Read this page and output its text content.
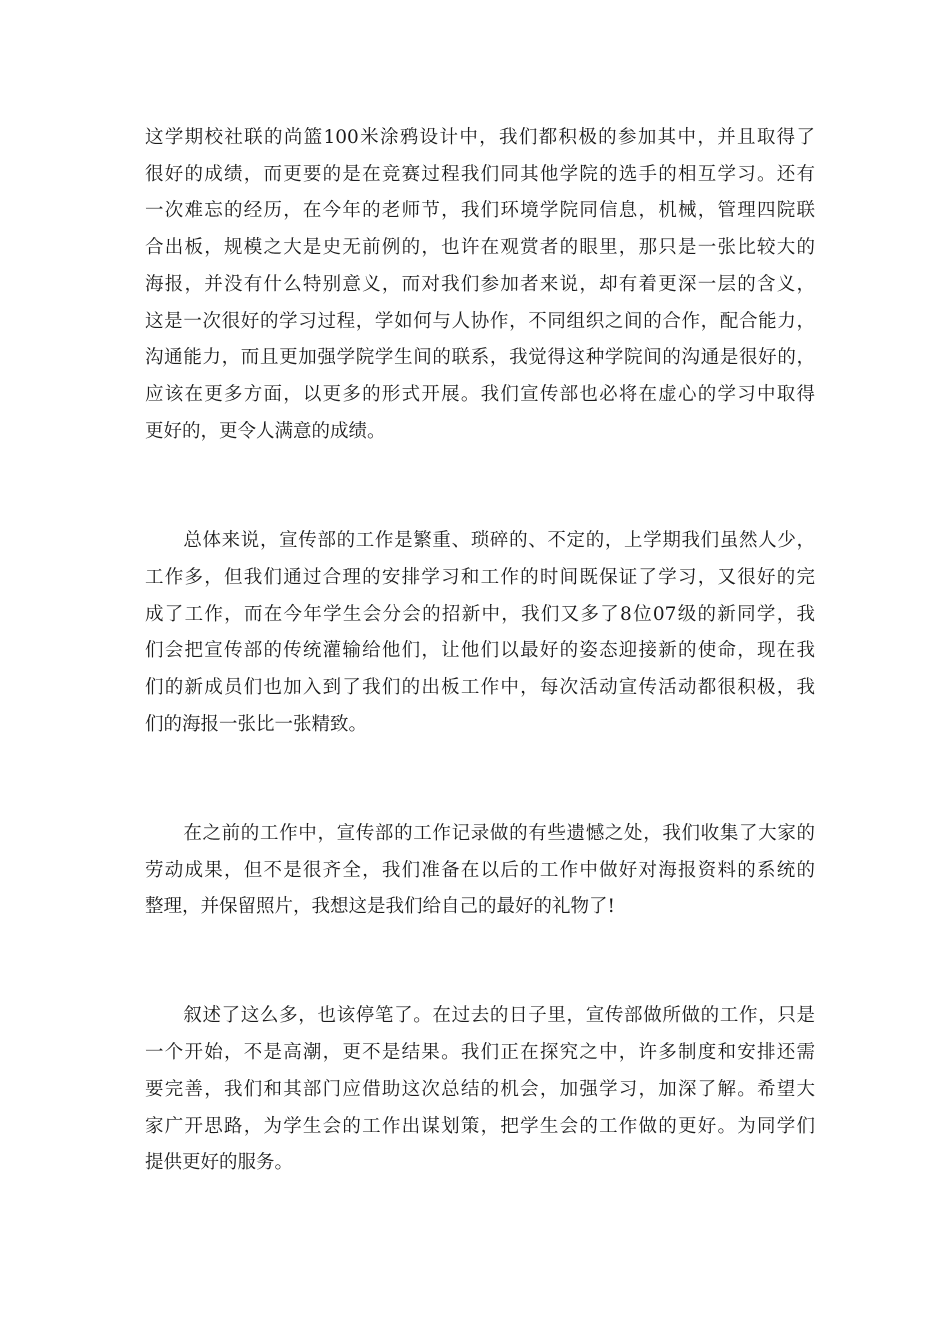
这学期校社联的尚篮100米涂鸦设计中，我们都积极的参加其中，并且取得了
很好的成绩，而更要的是在竞赛过程我们同其他学院的选手的相互学习。还有
一次难忘的经历，在今年的老师节，我们环境学院同信息，机械，管理四院联
合出板，规模之大是史无前例的，也许在观赏者的眼里，那只是一张比较大的
海报，并没有什么特别意义，而对我们参加者来说，却有着更深一层的含义，
这是一次很好的学习过程，学如何与人协作，不同组织之间的合作，配合能力，
沟通能力，而且更加强学院学生间的联系，我觉得这种学院间的沟通是很好的，
应该在更多方面，以更多的形式开展。我们宣传部也必将在虚心的学习中取得
更好的，更令人满意的成绩。
　　总体来说，宣传部的工作是繁重、琐碎的、不定的，上学期我们虽然人少，
工作多，但我们通过合理的安排学习和工作的时间既保证了学习，又很好的完
成了工作，而在今年学生会分会的招新中，我们又多了8位07级的新同学，我
们会把宣传部的传统灌输给他们，让他们以最好的姿态迎接新的使命，现在我
们的新成员们也加入到了我们的出板工作中，每次活动宣传活动都很积极，我
们的海报一张比一张精致。
　　在之前的工作中，宣传部的工作记录做的有些遗憾之处，我们收集了大家的
劳动成果，但不是很齐全，我们准备在以后的工作中做好对海报资料的系统的
整理，并保留照片，我想这是我们给自己的最好的礼物了!
　　叙述了这么多，也该停笔了。在过去的日子里，宣传部做所做的工作，只是
一个开始，不是高潮，更不是结果。我们正在探究之中，许多制度和安排还需
要完善，我们和其部门应借助这次总结的机会，加强学习，加深了解。希望大
家广开思路，为学生会的工作出谋划策，把学生会的工作做的更好。为同学们
提供更好的服务。
